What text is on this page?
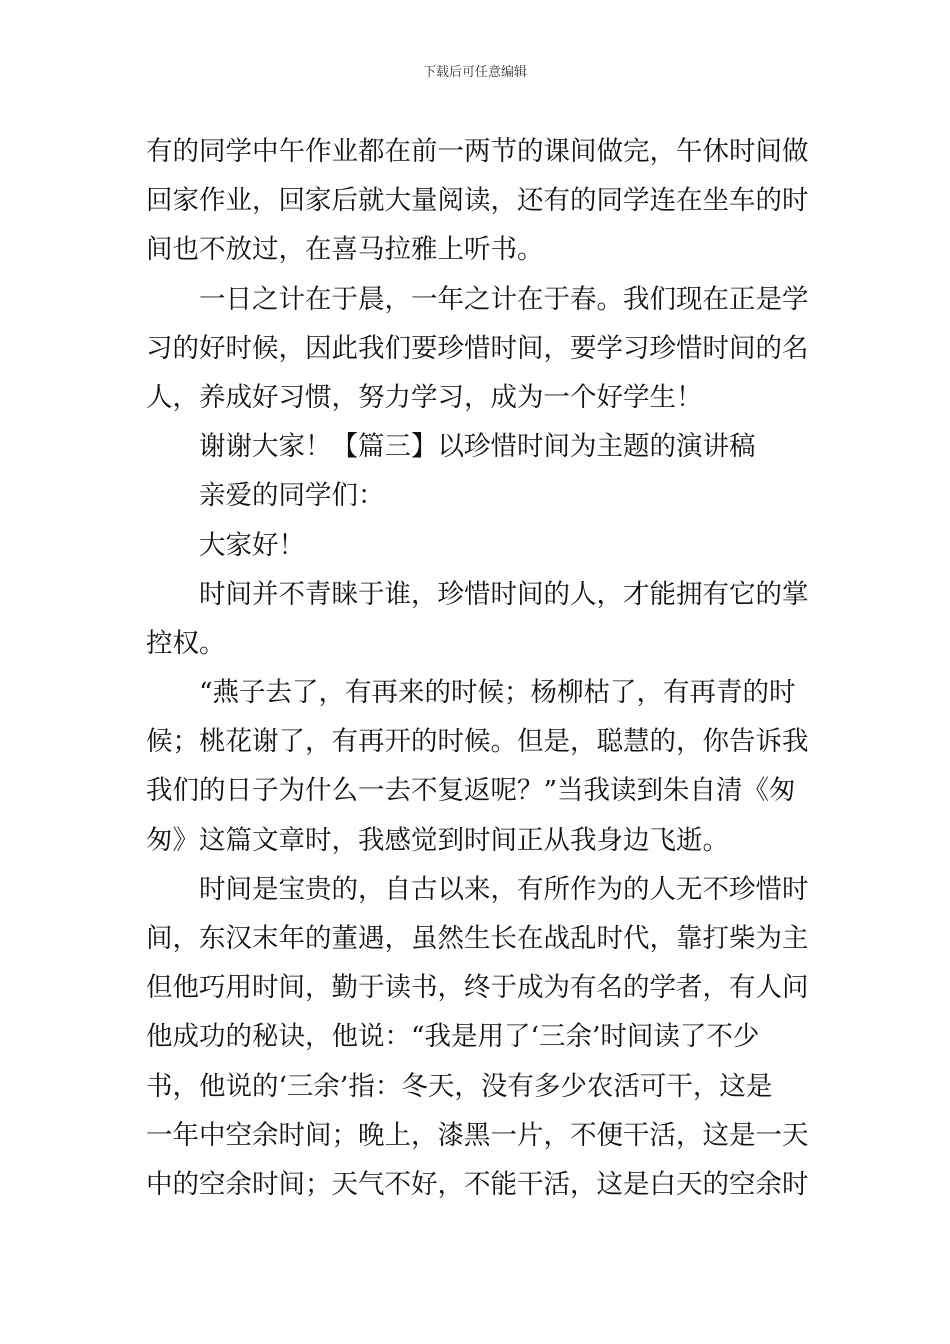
下载后可任意编辑
有的同学中午作业都在前一两节的课间做完，午休时间做
回家作业，回家后就大量阅读，还有的同学连在坐车的时
间也不放过，在喜马拉雅上听书。
一日之计在于晨，一年之计在于春。我们现在正是学
习的好时候，因此我们要珍惜时间，要学习珍惜时间的名
人，养成好习惯，努力学习，成为一个好学生！
谢谢大家！【篇三】以珍惜时间为主题的演讲稿
亲爱的同学们：
大家好！
时间并不青睐于谁，珍惜时间的人，才能拥有它的掌
控权。
“燕子去了，有再来的时候；杨柳枯了，有再青的时
候；桃花谢了，有再开的时候。但是，聪慧的，你告诉我
我们的日子为什么一去不复返呢？”当我读到朱自清《匆
匆》这篇文章时，我感觉到时间正从我身边飞逝。
时间是宝贵的，自古以来，有所作为的人无不珍惜时
间，东汉末年的董遇，虽然生长在战乱时代，靠打柴为主
但他巧用时间，勤于读书，终于成为有名的学者，有人问
他成功的秘诀，他说：“我是用了‘三余’时间读了不少
书，他说的‘三余’指：冬天，没有多少农活可干，这是
一年中空余时间；晚上，漆黑一片，不便干活，这是一天
中的空余时间；天气不好，不能干活，这是白天的空余时
